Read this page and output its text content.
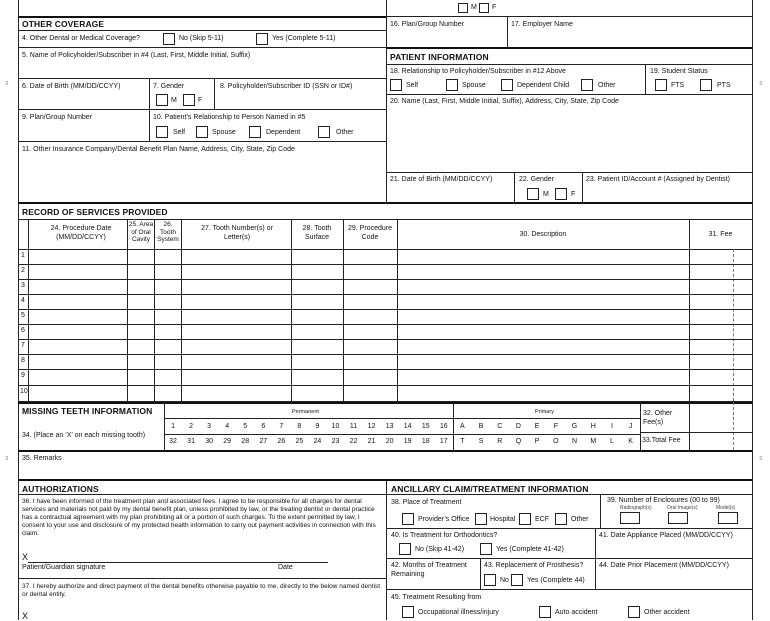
M F
OTHER COVERAGE
4. Other Dental or Medical Coverage?	No (Skip 5-11)	Yes (Complete 5-11)
5. Name of Policyholder/Subscriber in #4 (Last, First, Middle Initial, Suffix)
6. Date of Birth (MM/DD/CCYY)	7. Gender
M	F
8. Policyholder/Subscriber ID (SSN or ID#)
9. Plan/Group Number	10. Patient’s Relationship to Person Named in #5
Self	Spouse	Dependent	Other
11. Other Insurance Company/Dental Benefit Plan Name, Address, City, State, Zip Code
16. Plan/Group Number	17. Employer Name
PATIENT INFORMATION
18. Relationship to Policyholder/Subscriber in #12 Above
Self	Spouse	Dependent Child	Other
19. Student Status
FTS	PTS
20. Name (Last, First, Middle Initial, Suffix), Address, City, State, Zip Code
21. Date of Birth (MM/DD/CCYY)	22. Gender
M	F
23. Patient ID/Account # (Assigned by Dentist)
RECORD OF SERVICES PROVIDED
24. Procedure Date (MM/DD/CCYY)
25. Area of Oral Cavity
26. Tooth System
27. Tooth Number(s) or Letter(s)
28. Tooth Surface
29. Procedure Code	30. Description	31. Fee
1
2
3
4
5
6
7
8
9
10
MISSING TEETH INFORMATION	Permanent	Primary
34. (Place an ‘X’ on each missing tooth)
32. Other Fee(s)
33.Total Fee
1	2	3	4	5	6	7	8	9	10	11	12	13	14	15	16
32	31	30	29	28	27	26	25	24	23	22	21	20	19	18	17
A	B	C	D	E	F	G	H	I	J
T	S	R	Q	P	O	N	M	L	K
35. Remarks
AUTHORIZATIONS

36. I have been informed of the treatment plan and associated fees. I agree to be responsible for all charges for dental services and materials not paid by my dental benefit plan, unless prohibited by law, or the treating dentist or dental practice has a contractual agreement with my plan prohibiting all or a portion of such charges. To the extent permitted by law, I consent to your use and disclosure of my protected health information to carry out payment activities in connection with this claim.

X
Patient/Guardian signature	Date

37. I hereby authorize and direct payment of the dental benefits otherwise payable to me, directly to the below named dentist or dental entity.

X
ANCILLARY CLAIM/TREATMENT INFORMATION
38. Place of Treatment
Provider’s Office	Hospital	ECF	Other
39. Number of Enclosures (00 to 99)
Radiograph(s)	Oral Image(s)	Model(s)
40. Is Treatment for Orthodontics?
No (Skip 41-42)	Yes (Complete 41-42)
41. Date Appliance Placed (MM/DD/CCYY)
42. Months of Treatment Remaining
43. Replacement of Prosthesis?
No	Yes (Complete 44)
44. Date Prior Placement (MM/DD/CCYY)
45. Treatment Resulting from
Occupational illness/injury	Auto accident	Other accident
▭
▭
▭
▭
